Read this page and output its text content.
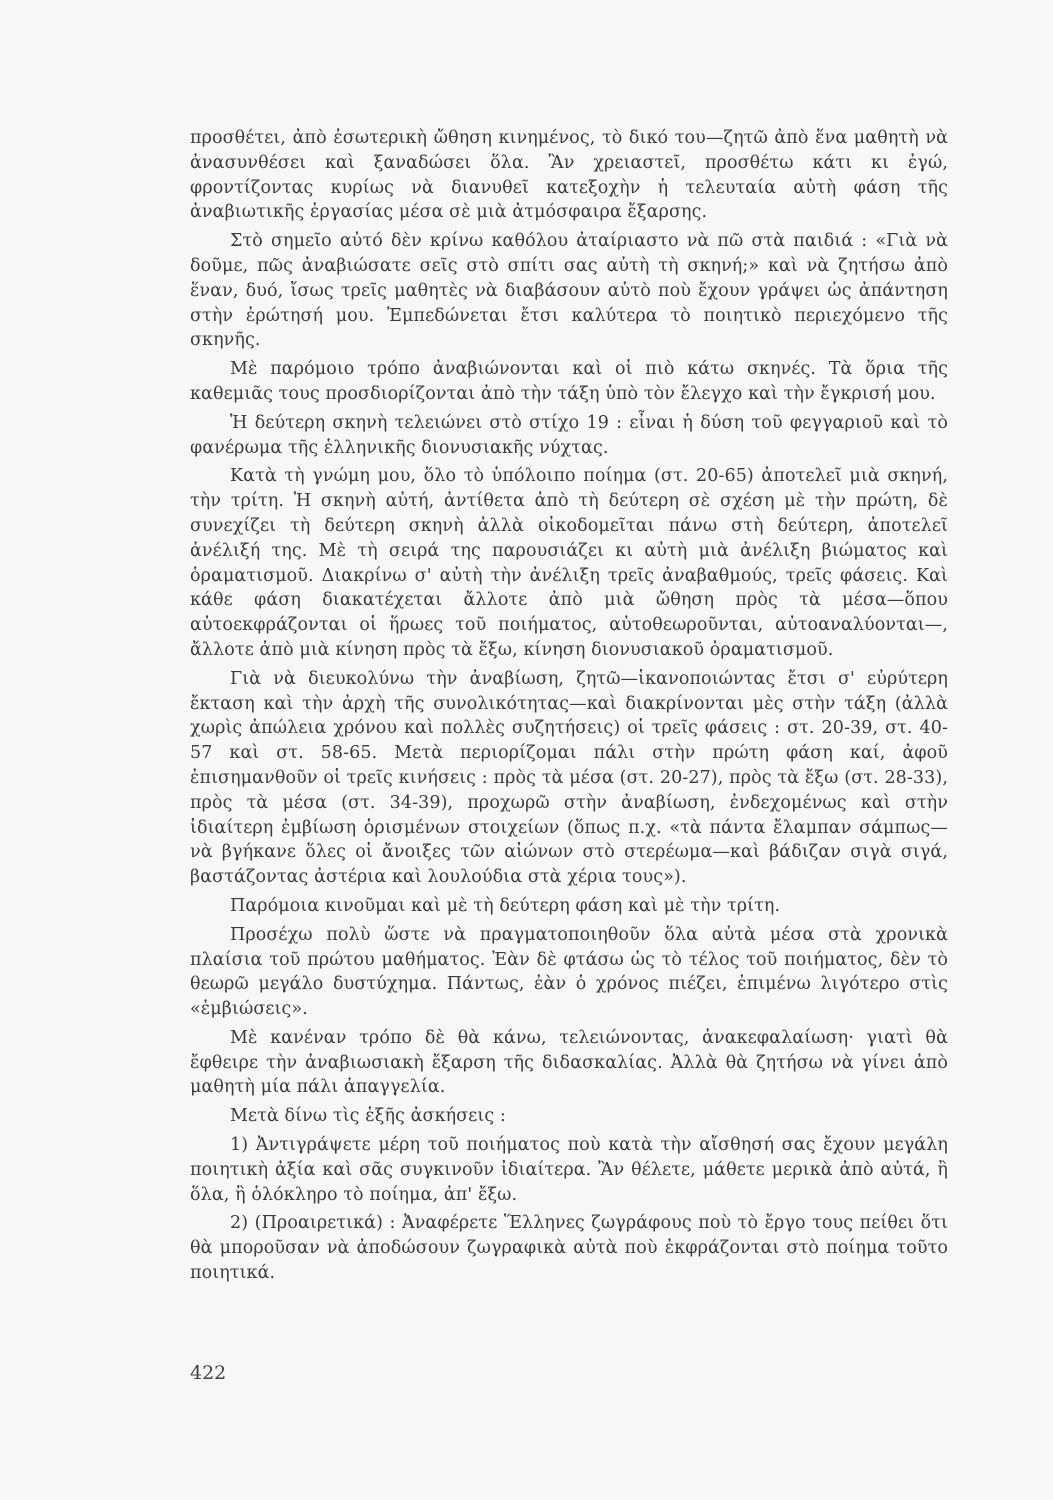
προσθέτει, ἀπὸ ἐσωτερικὴ ὤθηση κινημένος, τὸ δικό του—ζητῶ ἀπὸ ἕνα μαθητὴ νὰ ἀνασυνθέσει καὶ ξαναδώσει ὅλα. Ἂν χρειαστεῖ, προσθέτω κάτι κι ἐγώ, φροντίζοντας κυρίως νὰ διανυθεῖ κατεξοχὴν ἡ τελευταία αὐτὴ φάση τῆς ἀναβιωτικῆς ἐργασίας μέσα σὲ μιὰ ἀτμόσφαιρα ἔξαρσης.

Στὸ σημεῖο αὐτό δὲν κρίνω καθόλου ἀταίριαστο νὰ πῶ στὰ παιδιά : «Γιὰ νὰ δοῦμε, πῶς ἀναβιώσατε σεῖς στὸ σπίτι σας αὐτὴ τὴ σκηνή;» καὶ νὰ ζητήσω ἀπὸ ἕναν, δυό, ἴσως τρεῖς μαθητὲς νὰ διαβάσουν αὐτὸ ποὺ ἔχουν γράψει ὡς ἀπάντηση στὴν ἐρώτησή μου. Ἐμπεδώνεται ἔτσι καλύτερα τὸ ποιητικὸ περιεχόμενο τῆς σκηνῆς.

Μὲ παρόμοιο τρόπο ἀναβιώνονται καὶ οἱ πιὸ κάτω σκηνές. Τὰ ὅρια τῆς καθεμιᾶς τους προσδιορίζονται ἀπὸ τὴν τάξη ὑπὸ τὸν ἔλεγχο καὶ τὴν ἔγκρισή μου.

Ἡ δεύτερη σκηνὴ τελειώνει στὸ στίχο 19 : εἶναι ἡ δύση τοῦ φεγγαριοῦ καὶ τὸ φανέρωμα τῆς ἑλληνικῆς διονυσιακῆς νύχτας.

Κατὰ τὴ γνώμη μου, ὅλο τὸ ὑπόλοιπο ποίημα (στ. 20-65) ἀποτελεῖ μιὰ σκηνή, τὴν τρίτη. Ἡ σκηνὴ αὐτή, ἀντίθετα ἀπὸ τὴ δεύτερη σὲ σχέση μὲ τὴν πρώτη, δὲ συνεχίζει τὴ δεύτερη σκηνὴ ἀλλὰ οἰκοδομεῖται πάνω στὴ δεύτερη, ἀποτελεῖ ἀνέλιξή της. Μὲ τὴ σειρά της παρουσιάζει κι αὐτὴ μιὰ ἀνέλιξη βιώματος καὶ ὁραματισμοῦ. Διακρίνω σ' αὐτὴ τὴν ἀνέλιξη τρεῖς ἀναβαθμούς, τρεῖς φάσεις. Καὶ κάθε φάση διακατέχεται ἄλλοτε ἀπὸ μιὰ ὤθηση πρὸς τὰ μέσα—ὅπου αὐτοεκφράζονται οἱ ἥρωες τοῦ ποιήματος, αὐτοθεωροῦνται, αὐτοαναλύονται—, ἄλλοτε ἀπὸ μιὰ κίνηση πρὸς τὰ ἔξω, κίνηση διονυσιακοῦ ὁραματισμοῦ.

Γιὰ νὰ διευκολύνω τὴν ἀναβίωση, ζητῶ—ἱκανοποιώντας ἔτσι σ' εὐρύτερη ἔκταση καὶ τὴν ἀρχὴ τῆς συνολικότητας—καὶ διακρίνονται μὲς στὴν τάξη (ἀλλὰ χωρὶς ἀπώλεια χρόνου καὶ πολλὲς συζητήσεις) οἱ τρεῖς φάσεις : στ. 20-39, στ. 40-57 καὶ στ. 58-65. Μετὰ περιορίζομαι πάλι στὴν πρώτη φάση καί, ἀφοῦ ἐπισημανθοῦν οἱ τρεῖς κινήσεις : πρὸς τὰ μέσα (στ. 20-27), πρὸς τὰ ἔξω (στ. 28-33), πρὸς τὰ μέσα (στ. 34-39), προχωρῶ στὴν ἀναβίωση, ἐνδεχομένως καὶ στὴν ἰδιαίτερη ἐμβίωση ὁρισμένων στοιχείων (ὅπως π.χ. «τὰ πάντα ἔλαμπαν σάμπως—νὰ βγήκανε ὅλες οἱ ἄνοιξες τῶν αἰώνων στὸ στερέωμα—καὶ βάδιζαν σιγὰ σιγά, βαστάζοντας ἀστέρια καὶ λουλούδια στὰ χέρια τους»).

Παρόμοια κινοῦμαι καὶ μὲ τὴ δεύτερη φάση καὶ μὲ τὴν τρίτη.

Προσέχω πολὺ ὥστε νὰ πραγματοποιηθοῦν ὅλα αὐτὰ μέσα στὰ χρονικὰ πλαίσια τοῦ πρώτου μαθήματος. Ἐὰν δὲ φτάσω ὡς τὸ τέλος τοῦ ποιήματος, δὲν τὸ θεωρῶ μεγάλο δυστύχημα. Πάντως, ἐὰν ὁ χρόνος πιέζει, ἐπιμένω λιγότερο στὶς «ἐμβιώσεις».

Μὲ κανέναν τρόπο δὲ θὰ κάνω, τελειώνοντας, ἀνακεφαλαίωση· γιατὶ θὰ ἔφθειρε τὴν ἀναβιωσιακὴ ἔξαρση τῆς διδασκαλίας. Ἀλλὰ θὰ ζητήσω νὰ γίνει ἀπὸ μαθητὴ μία πάλι ἀπαγγελία.

Μετὰ δίνω τὶς ἑξῆς ἀσκήσεις :

1) Ἀντιγράψετε μέρη τοῦ ποιήματος ποὺ κατὰ τὴν αἴσθησή σας ἔχουν μεγάλη ποιητικὴ ἀξία καὶ σᾶς συγκινοῦν ἰδιαίτερα. Ἂν θέλετε, μάθετε μερικὰ ἀπὸ αὐτά, ἢ ὅλα, ἢ ὁλόκληρο τὸ ποίημα, ἀπ' ἔξω.

2) (Προαιρετικά) : Ἀναφέρετε Ἕλληνες ζωγράφους ποὺ τὸ ἔργο τους πείθει ὅτι θὰ μποροῦσαν νὰ ἀποδώσουν ζωγραφικὰ αὐτὰ ποὺ ἐκφράζονται στὸ ποίημα τοῦτο ποιητικά.

422
